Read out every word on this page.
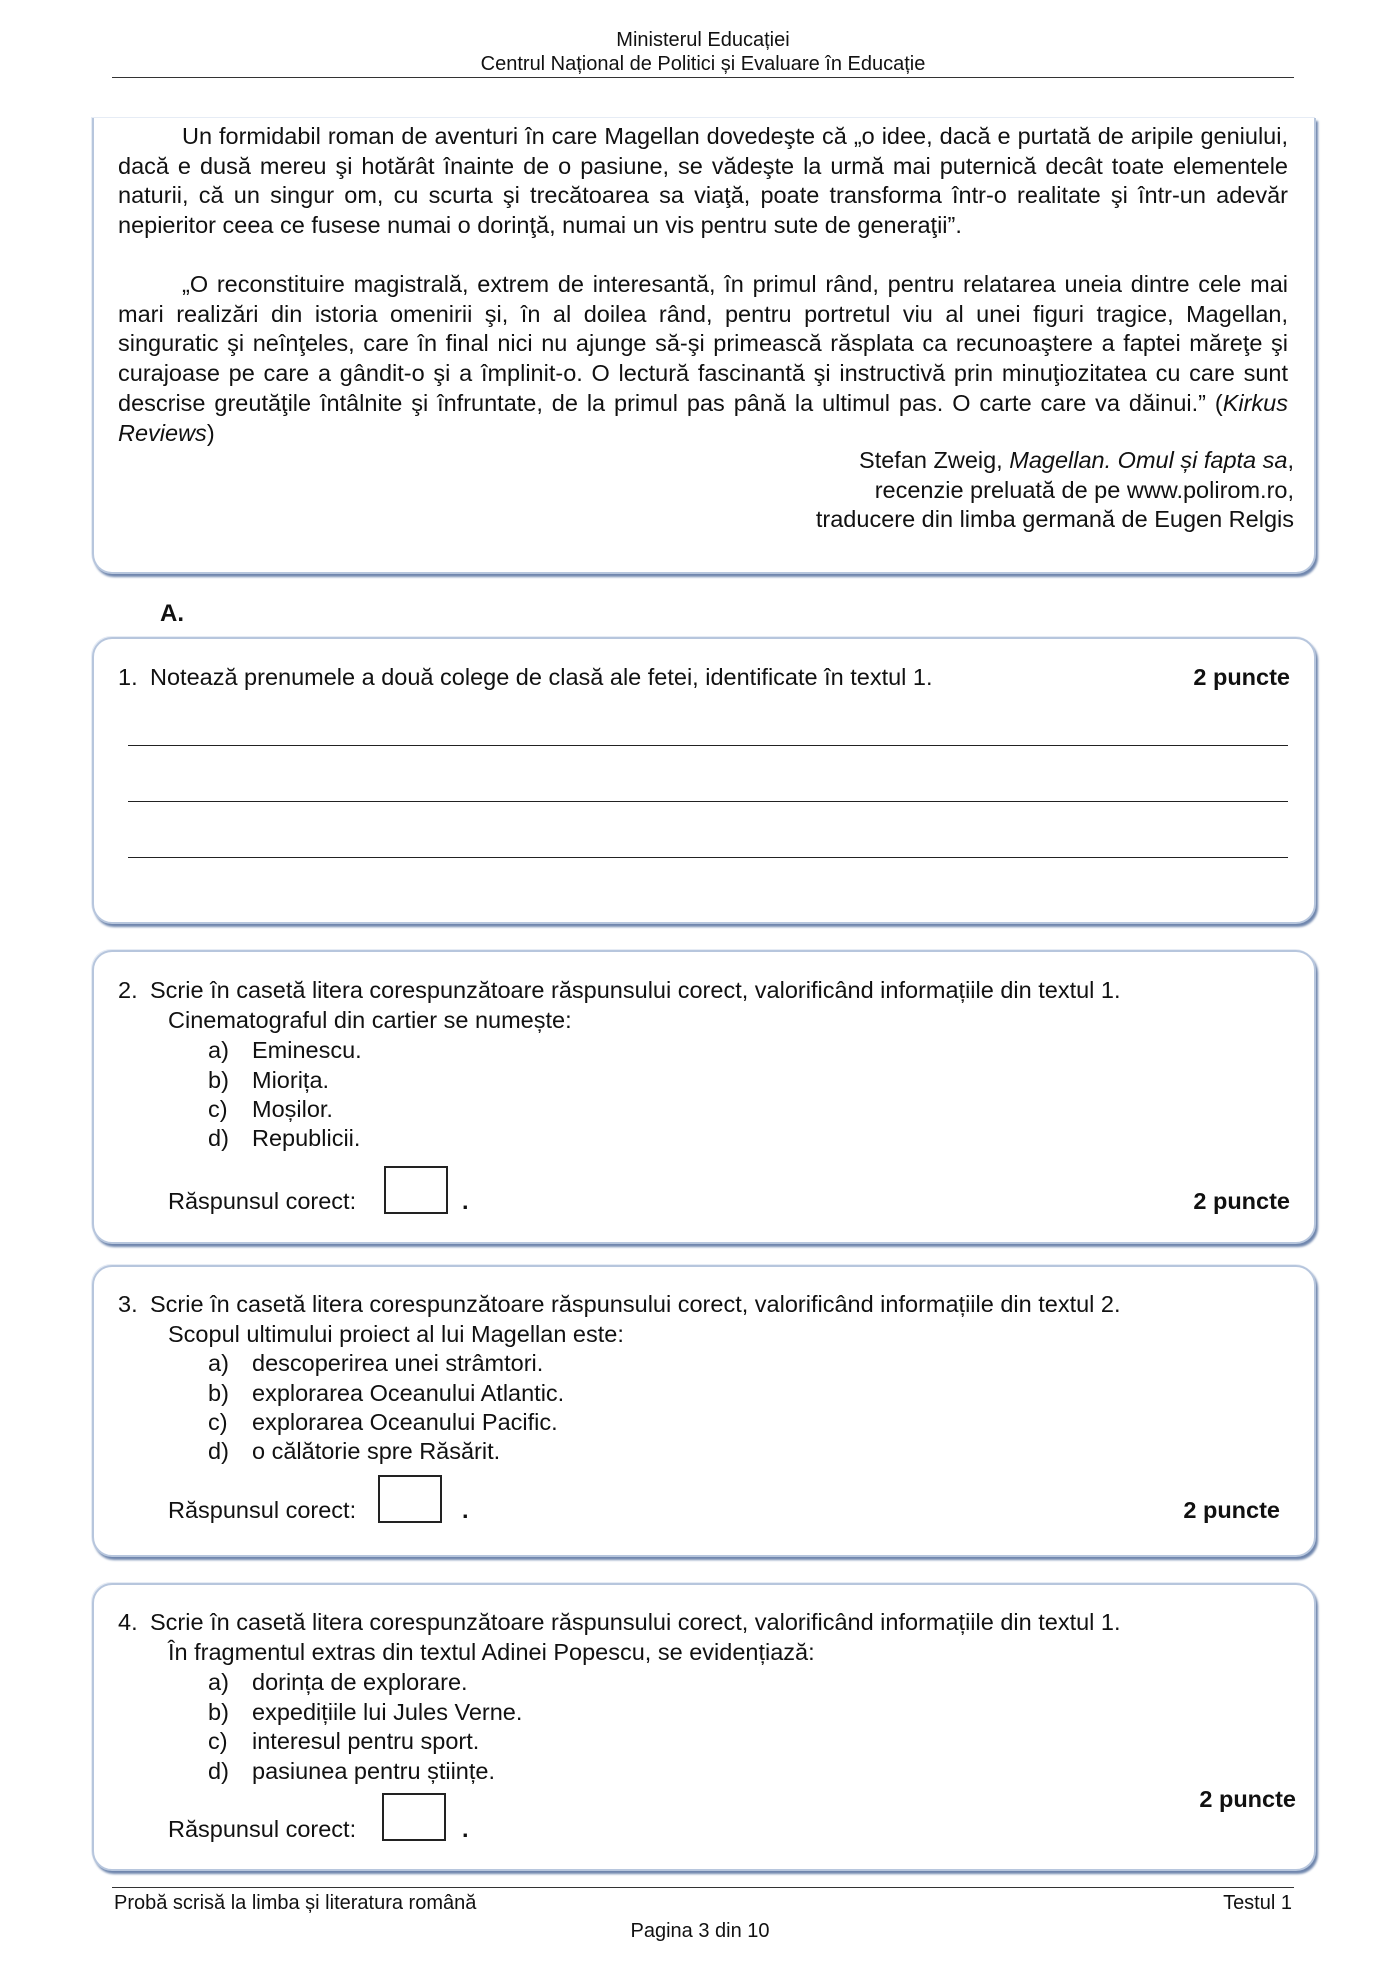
Ministerul Educației
Centrul Național de Politici și Evaluare în Educație

Un formidabil roman de aventuri în care Magellan dovedeşte că „o idee, dacă e purtată de aripile geniului, dacă e dusă mereu şi hotărât înainte de o pasiune, se vădeşte la urmă mai puternică decât toate elementele naturii, că un singur om, cu scurta şi trecătoarea sa viaţă, poate transforma într-o realitate şi într-un adevăr nepieritor ceea ce fusese numai o dorinţă, numai un vis pentru sute de generaţii”.

„O reconstituire magistrală, extrem de interesantă, în primul rând, pentru relatarea uneia dintre cele mai mari realizări din istoria omenirii şi, în al doilea rând, pentru portretul viu al unei figuri tragice, Magellan, singuratic şi neînţeles, care în final nici nu ajunge să-şi primească răsplata ca recunoaştere a faptei măreţe şi curajoase pe care a gândit-o şi a împlinit-o. O lectură fascinantă şi instructivă prin minuţiozitatea cu care sunt descrise greutăţile întâlnite şi înfruntate, de la primul pas până la ultimul pas. O carte care va dăinui.” (Kirkus Reviews)

Stefan Zweig, Magellan. Omul și fapta sa,
recenzie preluată de pe www.polirom.ro,
traducere din limba germană de Eugen Relgis
A.
1. Notează prenumele a două colege de clasă ale fetei, identificate în textul 1.	2 puncte
2. Scrie în casetă litera corespunzătoare răspunsului corect, valorificând informațiile din textul 1.
Cinematograful din cartier se numește:
a) Eminescu.
b) Miorița.
c) Moșilor.
d) Republicii.
Răspunsul corect:	.	2 puncte
3. Scrie în casetă litera corespunzătoare răspunsului corect, valorificând informațiile din textul 2.
Scopul ultimului proiect al lui Magellan este:
a) descoperirea unei strâmtori.
b) explorarea Oceanului Atlantic.
c) explorarea Oceanului Pacific.
d) o călătorie spre Răsărit.
Răspunsul corect:	.	2 puncte
4. Scrie în casetă litera corespunzătoare răspunsului corect, valorificând informațiile din textul 1.
În fragmentul extras din textul Adinei Popescu, se evidențiază:
a) dorința de explorare.
b) expedițiile lui Jules Verne.
c) interesul pentru sport.
d) pasiunea pentru științe.
2 puncte
Răspunsul corect:	.
Probă scrisă la limba și literatura română	Testul 1
Pagina 3 din 10
